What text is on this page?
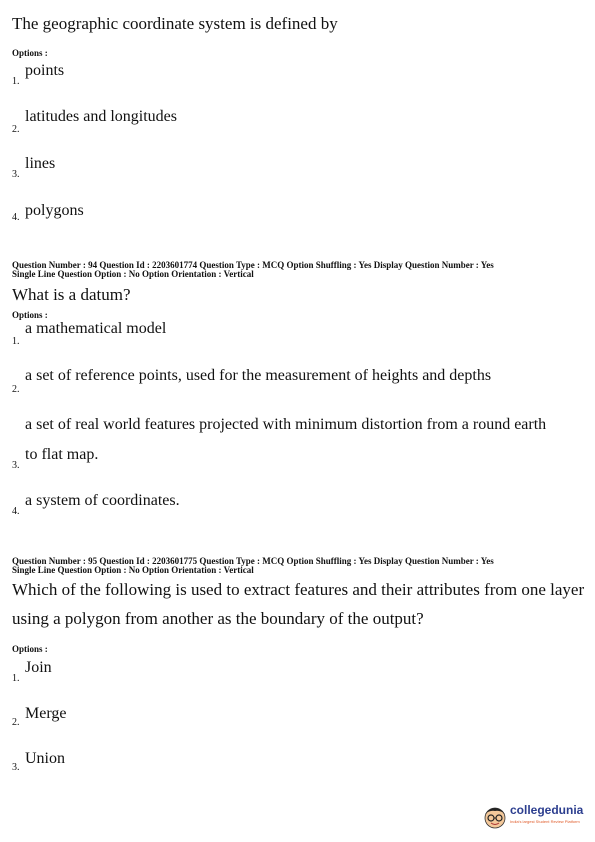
The geographic coordinate system is defined by
Options :
1.
points
2.
latitudes and longitudes
3.
lines
4. polygons
Question Number : 94 Question Id : 2203601774 Question Type : MCQ Option Shuffling : Yes Display Question Number : Yes
Single Line Question Option : No Option Orientation : Vertical
What is a datum?
Options :
1.
a mathematical model
2.
a set of reference points, used for the measurement of heights and depths
a set of real world features projected with minimum distortion from a round earth
3.
to flat map.
4.
a system of coordinates.
Question Number : 95 Question Id : 2203601775 Question Type : MCQ Option Shuffling : Yes Display Question Number : Yes
Single Line Question Option : No Option Orientation : Vertical
Which of the following is used to extract features and their attributes from one layer
using a polygon from another as the boundary of the output?
Options :
1.
Join
2.
Merge
3.
Union
collegedunia
India's largest Student Review Platform
